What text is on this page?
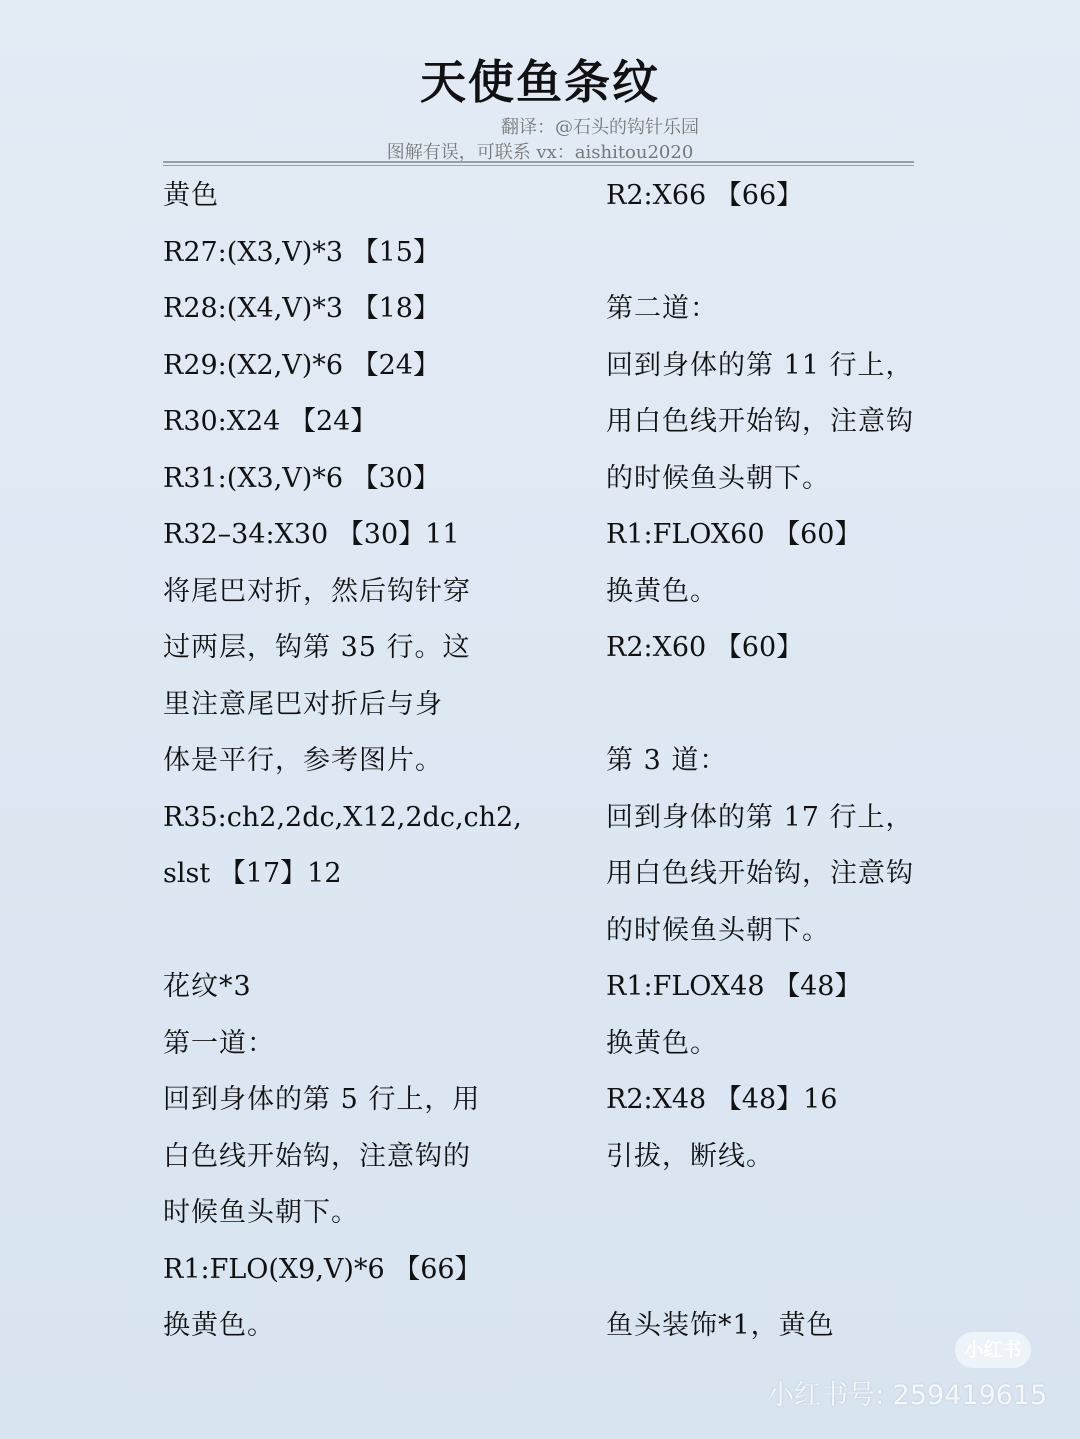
天使鱼条纹
翻译：@石头的钩针乐园
图解有误，可联系 vx：aishitou2020
黄色
R27:(X3,V)*3 【15】
R28:(X4,V)*3 【18】
R29:(X2,V)*6 【24】
R30:X24 【24】
R31:(X3,V)*6 【30】
R32–34:X30 【30】11
将尾巴对折，然后钩针穿
过两层，钩第 35 行。这
里注意尾巴对折后与身
体是平行，参考图片。
R35:ch2,2dc,X12,2dc,ch2,
slst 【17】12
花纹*3
第一道：
回到身体的第 5 行上，用
白色线开始钩，注意钩的
时候鱼头朝下。
R1:FLO(X9,V)*6 【66】
换黄色。
R2:X66 【66】
第二道：
回到身体的第 11 行上，
用白色线开始钩，注意钩
的时候鱼头朝下。
R1:FLOX60 【60】
换黄色。
R2:X60 【60】
第 3 道：
回到身体的第 17 行上，
用白色线开始钩，注意钩
的时候鱼头朝下。
R1:FLOX48 【48】
换黄色。
R2:X48 【48】16
引拔，断线。
鱼头装饰*1，黄色
小红书
小红书号: 259419615
